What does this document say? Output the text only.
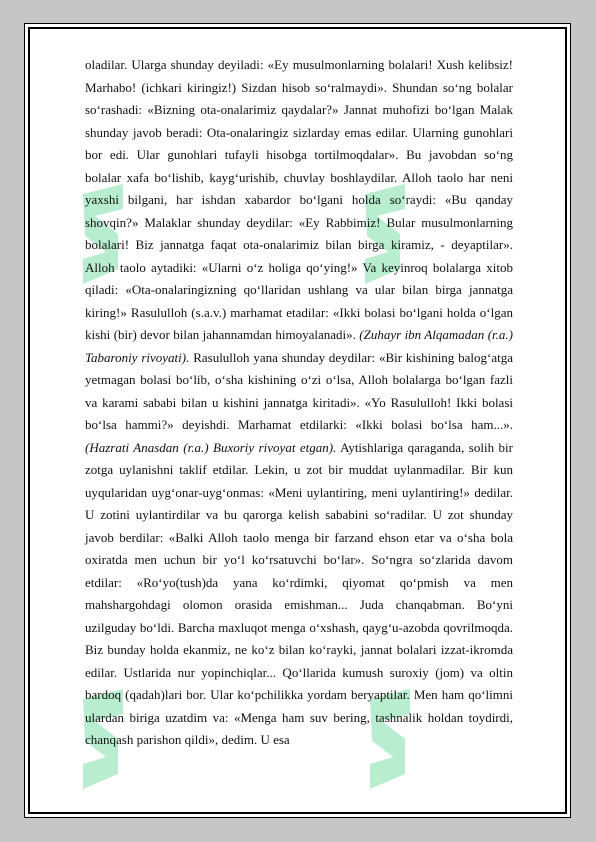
oladilar. Ularga shunday deyiladi: «Ey musulmonlarning bolalari! Xush kelibsiz! Marhabo! (ichkari kiringiz!) Sizdan hisob so‘ralmaydi». Shundan so‘ng bolalar so‘rashadi: «Bizning ota-onalarimiz qaydalar?» Jannat muhofizi bo‘lgan Malak shunday javob beradi: Ota-onalaringiz sizlarday emas edilar. Ularning gunohlari bor edi. Ular gunohlari tufayli hisobga tortilmoqdalar». Bu javobdan so‘ng bolalar xafa bo‘lishib, kayg‘urishib, chuvlay boshlaydilar. Alloh taolo har neni yaxshi bilgani, har ishdan xabardor bo‘lgani holda so‘raydi: «Bu qanday shovqin?» Malaklar shunday deydilar: «Ey Rabbimiz! Bular musulmonlarning bolalari! Biz jannatga faqat ota-onalarimiz bilan birga kiramiz, - deyaptilar». Alloh taolo aytadiki: «Ularni o‘z holiga qo‘ying!» Va keyinroq bolalarga xitob qiladi: «Ota-onalaringizning qo‘llaridan ushlang va ular bilan birga jannatga kiring!» Rasululloh (s.a.v.) marhamat etadilar: «Ikki bolasi bo‘lgani holda o‘lgan kishi (bir) devor bilan jahannamdan himoyalanadi». (Zuhayr ibn Alqamadan (r.a.) Tabaroniy rivoyati). Rasululloh yana shunday deydilar: «Bir kishining balog‘atga yetmagan bolasi bo‘lib, o‘sha kishining o‘zi o‘lsa, Alloh bolalarga bo‘lgan fazli va karami sababi bilan u kishini jannatga kiritadi». «Yo Rasululloh! Ikki bolasi bo‘lsa hammi?» deyishdi. Marhamat etdilarki: «Ikki bolasi bo‘lsa ham...». (Hazrati Anasdan (r.a.) Buxoriy rivoyat etgan). Aytishlariga qaraganda, solih bir zotga uylanishni taklif etdilar. Lekin, u zot bir muddat uylanmadilar. Bir kun uyqularidan uyg‘onar-uyg‘onmas: «Meni uylantiring, meni uylantiring!» dedilar. U zotini uylantirdilar va bu qarorga kelish sababini so‘radilar. U zot shunday javob berdilar: «Balki Alloh taolo menga bir farzand ehson etar va o‘sha bola oxiratda men uchun bir yo‘l ko‘rsatuvchi bo‘lar». So‘ngra so‘zlarida davom etdilar: «Ro‘yo(tush)da yana ko‘rdimki, qiyomat qo‘pmish va men mahshargohdagi olomon orasida emishman... Juda chanqabman. Bo‘yni uzilguday bo‘ldi. Barcha maxluqot menga o‘xshash, qayg‘u-azobda qovrilmoqda. Biz bunday holda ekanmiz, ne ko‘z bilan ko‘rayki, jannat bolalari izzat-ikromda edilar. Ustlarida nur yopinchiqlar... Qo‘llarida kumush suroxiy (jom) va oltin bardoq (qadah)lari bor. Ular ko‘pchilikka yordam beryaptilar. Men ham qo‘limni ulardan biriga uzatdim va: «Menga ham suv bering, tashnalik holdan toydirdi, chanqash parishon qildi», dedim. U esa
